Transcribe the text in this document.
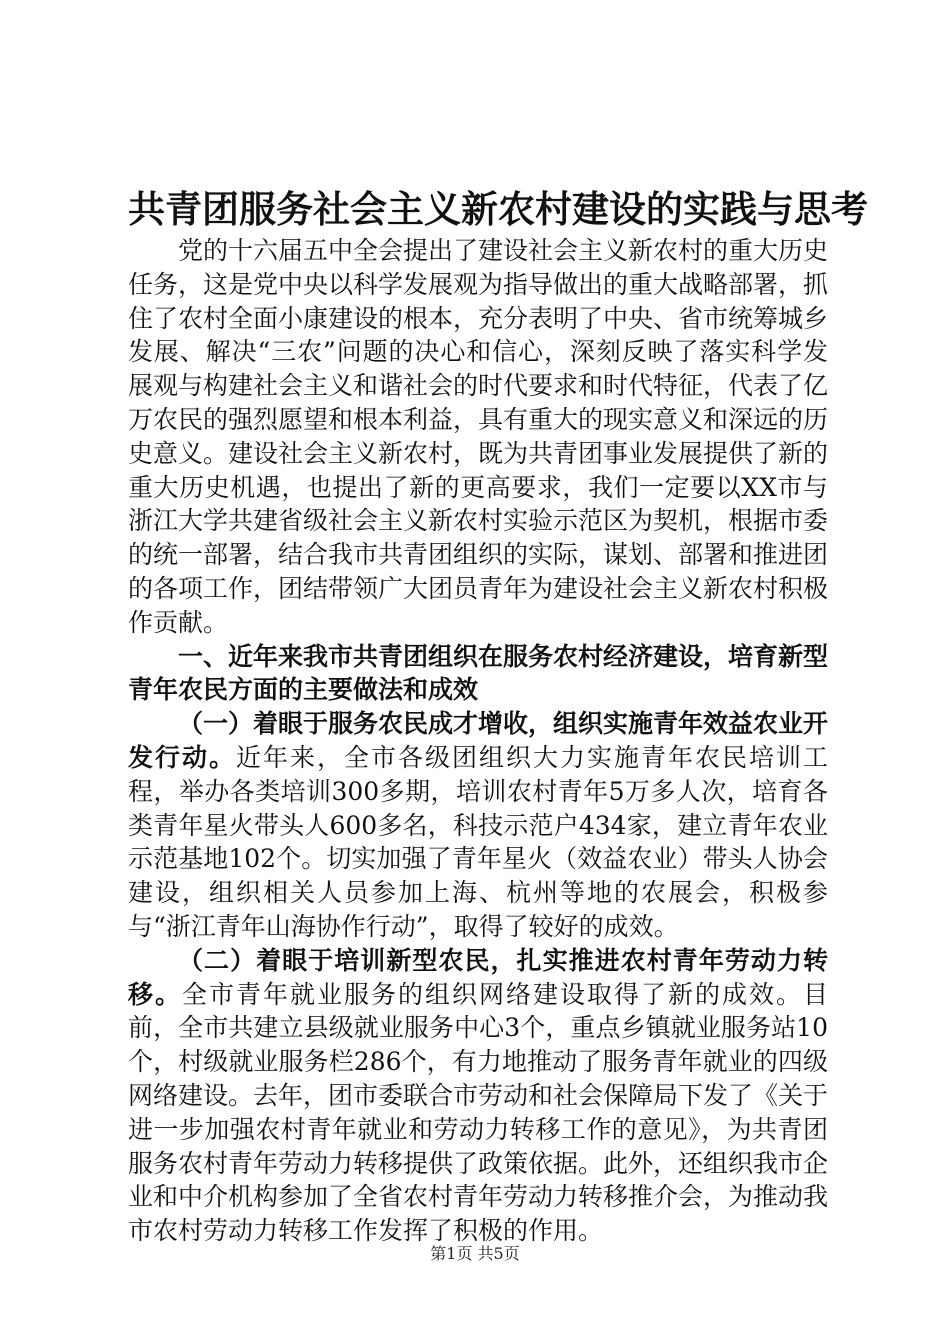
共青团服务社会主义新农村建设的实践与思考

党的十六届五中全会提出了建设社会主义新农村的重大历史任务，这是党中央以科学发展观为指导做出的重大战略部署，抓住了农村全面小康建设的根本，充分表明了中央、省市统筹城乡发展、解决“三农”问题的决心和信心，深刻反映了落实科学发展观与构建社会主义和谐社会的时代要求和时代特征，代表了亿万农民的强烈愿望和根本利益，具有重大的现实意义和深远的历史意义。建设社会主义新农村，既为共青团事业发展提供了新的重大历史机遇，也提出了新的更高要求，我们一定要以XX市与浙江大学共建省级社会主义新农村实验示范区为契机，根据市委的统一部署，结合我市共青团组织的实际，谋划、部署和推进团的各项工作，团结带领广大团员青年为建设社会主义新农村积极作贡献。

一、近年来我市共青团组织在服务农村经济建设，培育新型青年农民方面的主要做法和成效

（一）着眼于服务农民成才增收，组织实施青年效益农业开发行动。近年来，全市各级团组织大力实施青年农民培训工程，举办各类培训300多期，培训农村青年5万多人次，培育各类青年星火带头人600多名，科技示范户434家，建立青年农业示范基地102个。切实加强了青年星火（效益农业）带头人协会建设，组织相关人员参加上海、杭州等地的农展会，积极参与“浙江青年山海协作行动”，取得了较好的成效。

（二）着眼于培训新型农民，扎实推进农村青年劳动力转移。全市青年就业服务的组织网络建设取得了新的成效。目前，全市共建立县级就业服务中心3个，重点乡镇就业服务站10个，村级就业服务栏286个，有力地推动了服务青年就业的四级网络建设。去年，团市委联合市劳动和社会保障局下发了《关于进一步加强农村青年就业和劳动力转移工作的意见》，为共青团服务农村青年劳动力转移提供了政策依据。此外，还组织我市企业和中介机构参加了全省农村青年劳动力转移推介会，为推动我市农村劳动力转移工作发挥了积极的作用。

第1页 共5页
